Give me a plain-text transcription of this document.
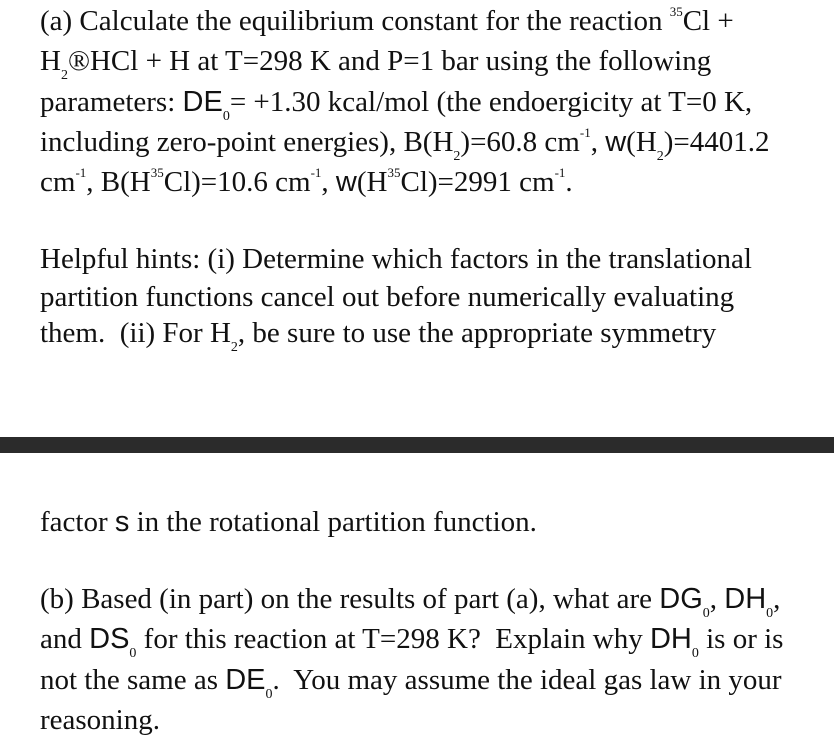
(a) Calculate the equilibrium constant for the reaction $^{35}$Cl +
$H_2®HCl + H$ at T=298 K and P=1 bar using the following
parameters: $DE_0= +1.30$ kcal/mol (the endoergicity at T=0 K,
including zero-point energies), $B(H_2)=60.8$ $cm^{-1}$, $w(H_2)=4401.2$
$cm^{-1}$, $B(H^{35}Cl)=10.6$ $cm^{-1}$, $w(H^{35}Cl)=2991$ $cm^{-1}$.
Helpful hints: (i) Determine which factors in the translational
partition functions cancel out before numerically evaluating
them.  (ii) For $H_2$, be sure to use the appropriate symmetry
factor s in the rotational partition function.
(b) Based (in part) on the results of part (a), what are $DG_0$, $DH_0$,
and $DS_0$ for this reaction at T=298 K?  Explain why $DH_0$ is or is
not the same as $DE_0$.  You may assume the ideal gas law in your
reasoning.
